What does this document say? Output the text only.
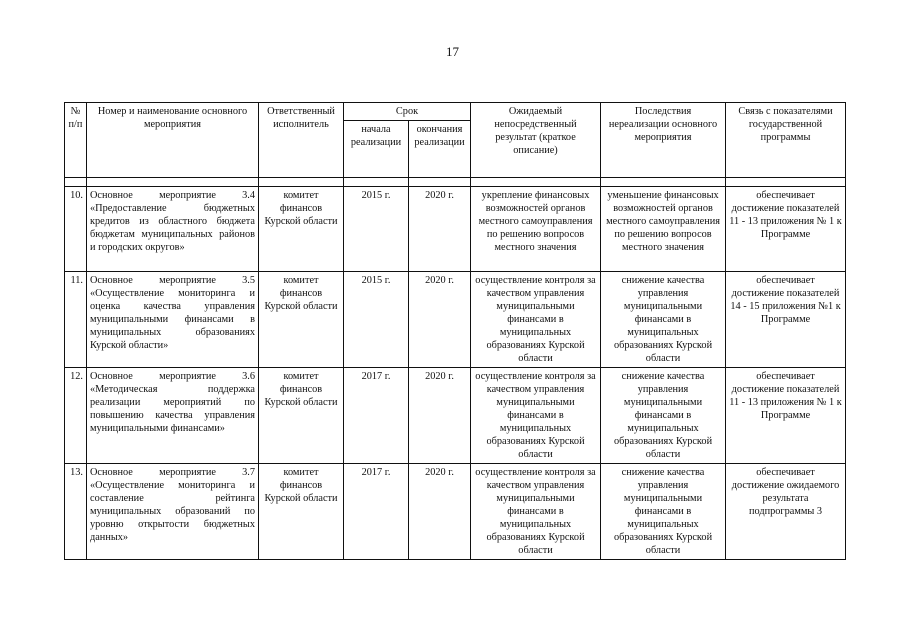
17
№ п/п	Номер и наименование основного мероприятия	Ответственный исполнитель	Срок		Ожидаемый непосредственный результат (краткое описание)	Последствия нереализации основного мероприятия	Связь с показателями государственной программы
			начала реализации	окончания реализации			

10.	Основное мероприятие 3.4 «Предоставление бюджетных кредитов из областного бюджета бюджетам муниципальных районов и городских округов»	комитет финансов Курской области	2015 г.	2020 г.	укрепление финансовых возможностей органов местного самоуправления по решению вопросов местного значения	уменьшение финансовых возможностей органов местного самоуправления по решению вопросов местного значения	обеспечивает достижение показателей 11 - 13 приложения № 1 к Программе
11.	Основное мероприятие 3.5 «Осуществление мониторинга и оценка качества управления муниципальными финансами в муниципальных образованиях Курской области»	комитет финансов Курской области	2015 г.	2020 г.	осуществление контроля за качеством управления муниципальными финансами в муниципальных образованиях Курской области	снижение качества управления муниципальными финансами в муниципальных образованиях Курской области	обеспечивает достижение показателей 14 - 15 приложения №1 к Программе
12.	Основное мероприятие 3.6 «Методическая поддержка реализации мероприятий по повышению качества управления муниципальными финансами»	комитет финансов Курской области	2017 г.	2020 г.	осуществление контроля за качеством управления муниципальными финансами в муниципальных образованиях Курской области	снижение качества управления муниципальными финансами в муниципальных образованиях Курской области	обеспечивает достижение показателей 11 - 13 приложения № 1 к Программе
13.	Основное мероприятие 3.7 «Осуществление мониторинга и составление рейтинга муниципальных образований по уровню открытости бюджетных данных»	комитет финансов Курской области	2017 г.	2020 г.	осуществление контроля за качеством управления муниципальными финансами в муниципальных образованиях Курской области	снижение качества управления муниципальными финансами в муниципальных образованиях Курской области	обеспечивает достижение ожидаемого результата подпрограммы 3
